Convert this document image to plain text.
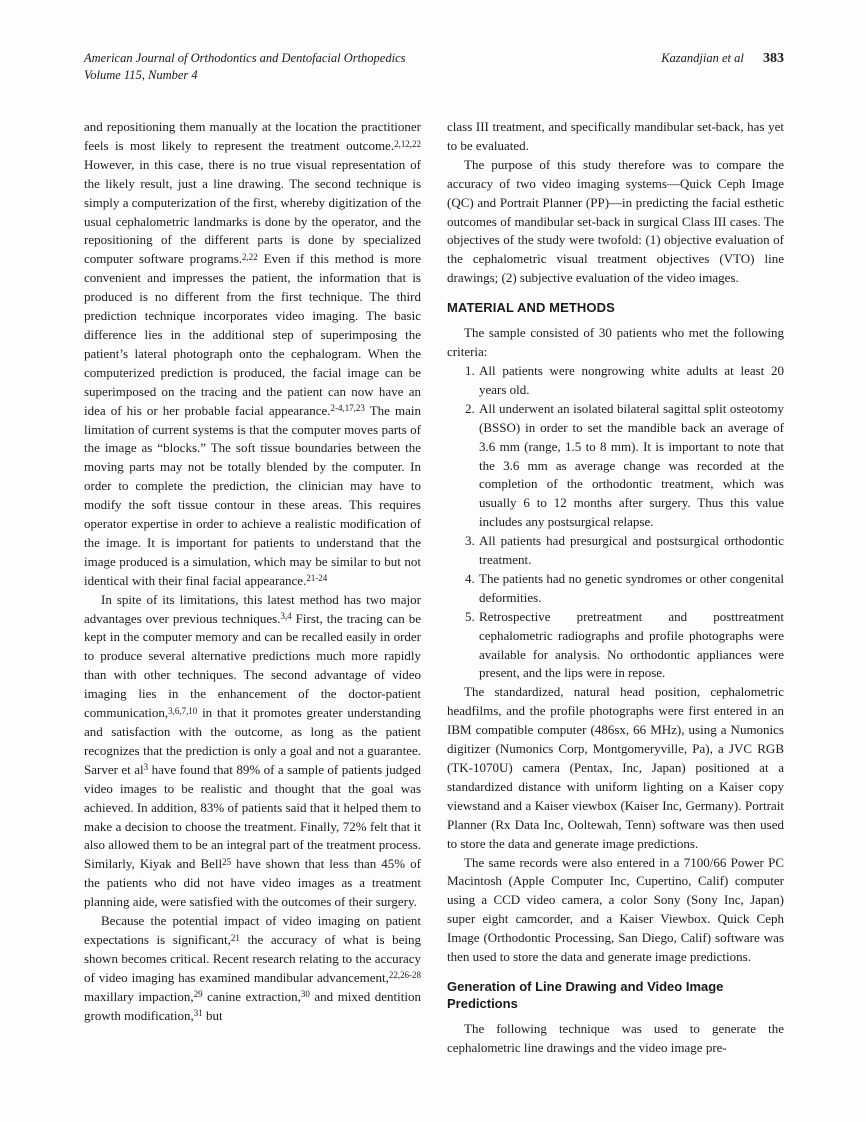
American Journal of Orthodontics and Dentofacial Orthopedics
Volume 115, Number 4
Kazandjian et al 383

and repositioning them manually at the location the practitioner feels is most likely to represent the treatment outcome.$^{2,12,22}$ However, in this case, there is no true visual representation of the likely result, just a line drawing. The second technique is simply a computerization of the first, whereby digitization of the usual cephalometric landmarks is done by the operator, and the repositioning of the different parts is done by specialized computer software programs.$^{2,22}$ Even if this method is more convenient and impresses the patient, the information that is produced is no different from the first technique. The third prediction technique incorporates video imaging. The basic difference lies in the additional step of superimposing the patient’s lateral photograph onto the cephalogram. When the computerized prediction is produced, the facial image can be superimposed on the tracing and the patient can now have an idea of his or her probable facial appearance.$^{2-4,17,23}$ The main limitation of current systems is that the computer moves parts of the image as “blocks.” The soft tissue boundaries between the moving parts may not be totally blended by the computer. In order to complete the prediction, the clinician may have to modify the soft tissue contour in these areas. This requires operator expertise in order to achieve a realistic modification of the image. It is important for patients to understand that the image produced is a simulation, which may be similar to but not identical with their final facial appearance.$^{21-24}$

In spite of its limitations, this latest method has two major advantages over previous techniques.$^{3,4}$ First, the tracing can be kept in the computer memory and can be recalled easily in order to produce several alternative predictions much more rapidly than with other techniques. The second advantage of video imaging lies in the enhancement of the doctor-patient communication,$^{3,6,7,10}$ in that it promotes greater understanding and satisfaction with the outcome, as long as the patient recognizes that the prediction is only a goal and not a guarantee. Sarver et $al^3$ have found that 89% of a sample of patients judged video images to be realistic and thought that the goal was achieved. In addition, 83% of patients said that it helped them to make a decision to choose the treatment. Finally, 72% felt that it also allowed them to be an integral part of the treatment process. Similarly, Kiyak and Bell$^{25}$ have shown that less than 45% of the patients who did not have video images as a treatment planning aide, were satisfied with the outcomes of their surgery.

Because the potential impact of video imaging on patient expectations is significant,$^{21}$ the accuracy of what is being shown becomes critical. Recent research relating to the accuracy of video imaging has examined mandibular advancement,$^{22,26-28}$ maxillary impaction,$^{29}$ canine extraction,$^{30}$ and mixed dentition growth modification,$^{31}$ but

class III treatment, and specifically mandibular set-back, has yet to be evaluated.

The purpose of this study therefore was to compare the accuracy of two video imaging systems—Quick Ceph Image (QC) and Portrait Planner (PP)—in predicting the facial esthetic outcomes of mandibular set-back in surgical Class III cases. The objectives of the study were twofold: (1) objective evaluation of the cephalometric visual treatment objectives (VTO) line drawings; (2) subjective evaluation of the video images.

MATERIAL AND METHODS

The sample consisted of 30 patients who met the following criteria:

1. All patients were nongrowing white adults at least 20 years old.
2. All underwent an isolated bilateral sagittal split osteotomy (BSSO) in order to set the mandible back an average of 3.6 mm (range, 1.5 to 8 mm). It is important to note that the 3.6 mm as average change was recorded at the completion of the orthodontic treatment, which was usually 6 to 12 months after surgery. Thus this value includes any postsurgical relapse.
3. All patients had presurgical and postsurgical orthodontic treatment.
4. The patients had no genetic syndromes or other congenital deformities.
5. Retrospective pretreatment and posttreatment cephalometric radiographs and profile photographs were available for analysis. No orthodontic appliances were present, and the lips were in repose.

The standardized, natural head position, cephalometric headfilms, and the profile photographs were first entered in an IBM compatible computer (486sx, 66 MHz), using a Numonics digitizer (Numonics Corp, Montgomeryville, Pa), a JVC RGB (TK-1070U) camera (Pentax, Inc, Japan) positioned at a standardized distance with uniform lighting on a Kaiser copy viewstand and a Kaiser viewbox (Kaiser Inc, Germany). Portrait Planner (Rx Data Inc, Ooltewah, Tenn) software was then used to store the data and generate image predictions.

The same records were also entered in a 7100/66 Power PC Macintosh (Apple Computer Inc, Cupertino, Calif) computer using a CCD video camera, a color Sony (Sony Inc, Japan) super eight camcorder, and a Kaiser Viewbox. Quick Ceph Image (Orthodontic Processing, San Diego, Calif) software was then used to store the data and generate image predictions.

Generation of Line Drawing and Video Image Predictions

The following technique was used to generate the cephalometric line drawings and the video image pre-
